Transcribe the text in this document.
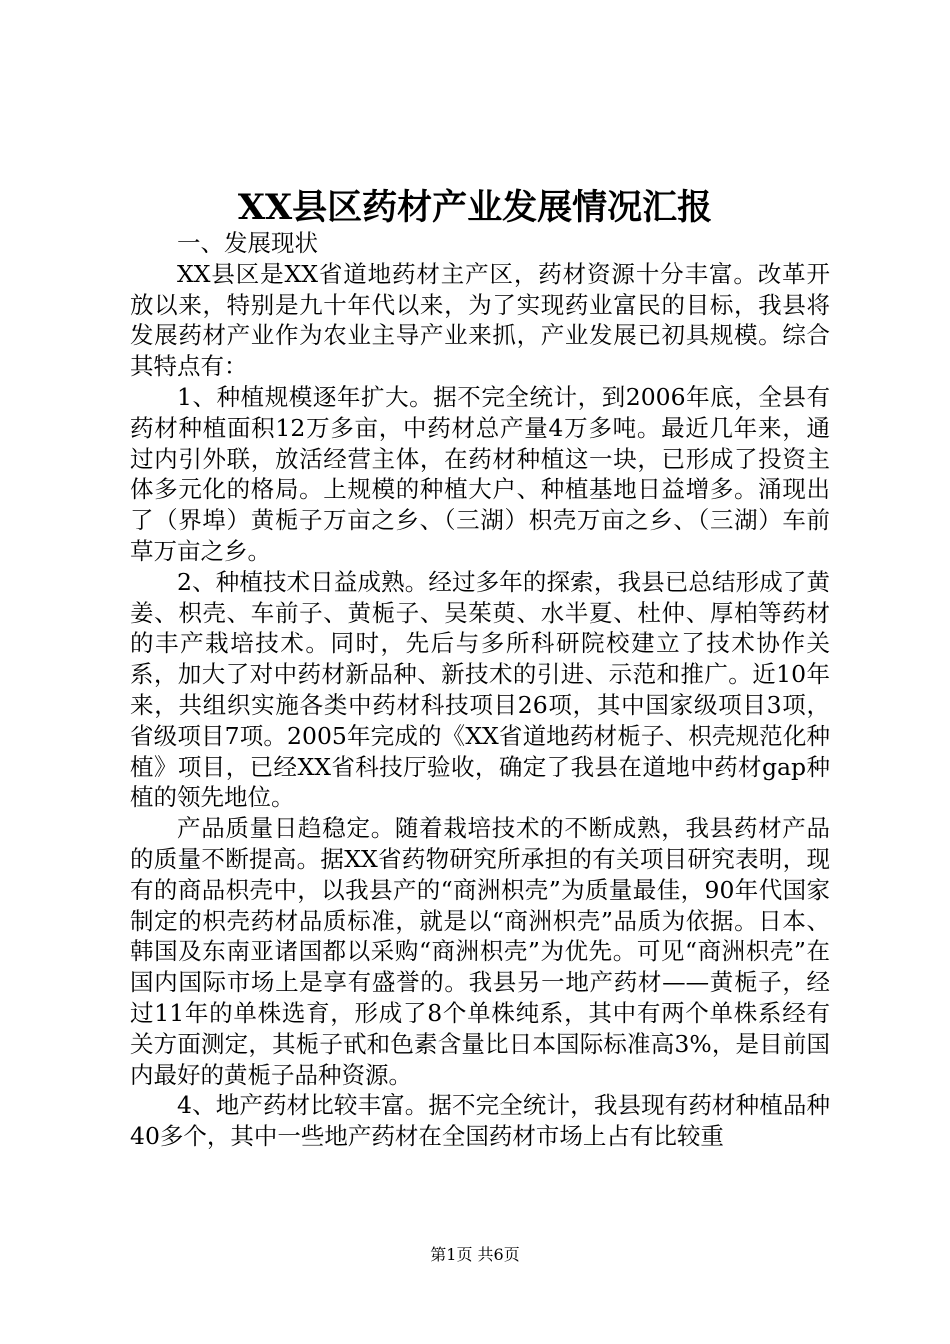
XX县区药材产业发展情况汇报

一、发展现状

XX县区是XX省道地药材主产区，药材资源十分丰富。改革开放以来，特别是九十年代以来，为了实现药业富民的目标，我县将发展药材产业作为农业主导产业来抓，产业发展已初具规模。综合其特点有：

1、种植规模逐年扩大。据不完全统计，到2006年底，全县有药材种植面积12万多亩，中药材总产量4万多吨。最近几年来，通过内引外联，放活经营主体，在药材种植这一块，已形成了投资主体多元化的格局。上规模的种植大户、种植基地日益增多。涌现出了（界埠）黄栀子万亩之乡、（三湖）枳壳万亩之乡、（三湖）车前草万亩之乡。

2、种植技术日益成熟。经过多年的探索，我县已总结形成了黄姜、枳壳、车前子、黄栀子、吴茱萸、水半夏、杜仲、厚柏等药材的丰产栽培技术。同时，先后与多所科研院校建立了技术协作关系，加大了对中药材新品种、新技术的引进、示范和推广。近10年来，共组织实施各类中药材科技项目26项，其中国家级项目3项，省级项目7项。2005年完成的《XX省道地药材栀子、枳壳规范化种植》项目，已经XX省科技厅验收，确定了我县在道地中药材gap种植的领先地位。

产品质量日趋稳定。随着栽培技术的不断成熟，我县药材产品的质量不断提高。据XX省药物研究所承担的有关项目研究表明，现有的商品枳壳中，以我县产的“商洲枳壳”为质量最佳，90年代国家制定的枳壳药材品质标准，就是以“商洲枳壳”品质为依据。日本、韩国及东南亚诸国都以采购“商洲枳壳”为优先。可见“商洲枳壳”在国内国际市场上是享有盛誉的。我县另一地产药材——黄栀子，经过11年的单株选育，形成了8个单株纯系，其中有两个单株系经有关方面测定，其栀子甙和色素含量比日本国际标准高3%，是目前国内最好的黄栀子品种资源。

4、地产药材比较丰富。据不完全统计，我县现有药材种植品种40多个，其中一些地产药材在全国药材市场上占有比较重

第1页 共6页
